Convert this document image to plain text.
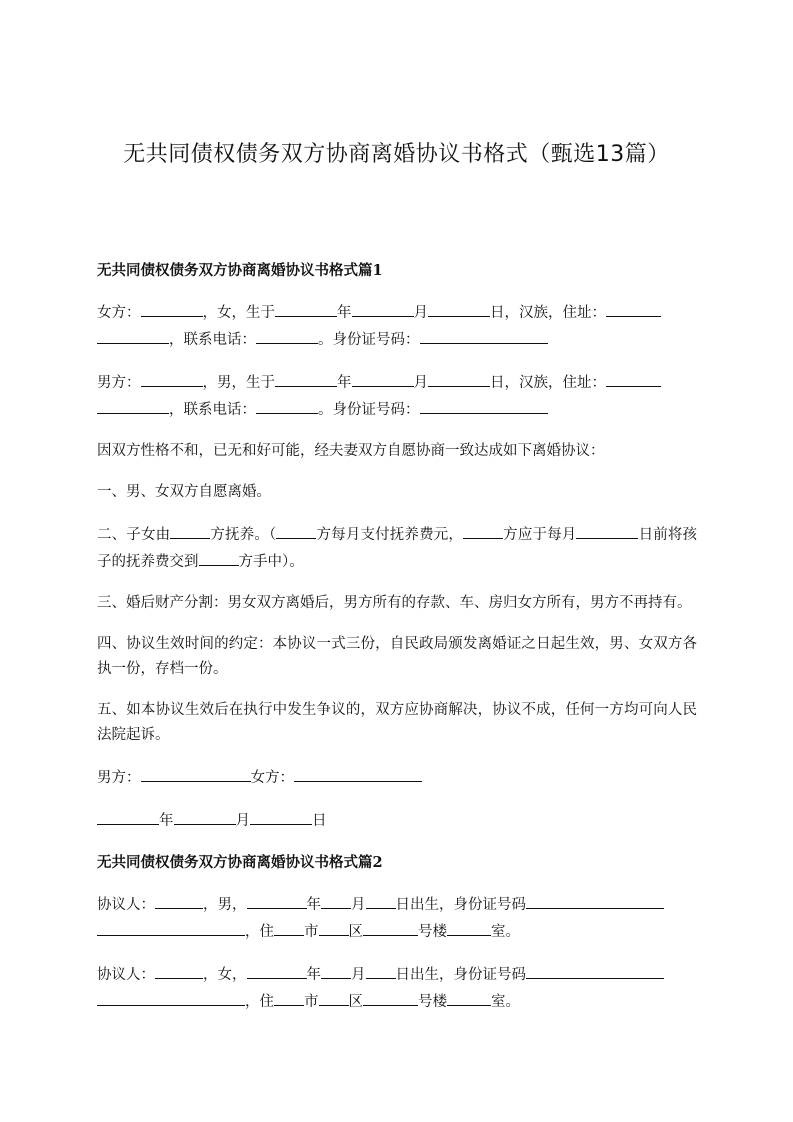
无共同债权债务双方协商离婚协议书格式（甄选13篇）
无共同债权债务双方协商离婚协议书格式篇1
女方：	，女，生于	年	月	日，汉族，住址：
，联系电话：	。身份证号码：
男方：	，男，生于	年	月	日，汉族，住址：
，联系电话：	。身份证号码：
因双方性格不和，已无和好可能，经夫妻双方自愿协商一致达成如下离婚协议：
一、男、女双方自愿离婚。
二、子女由	方抚养。（	方每月支付抚养费元，	方应于每月	日前将孩子的抚养费交到	方手中）。
三、婚后财产分割：男女双方离婚后，男方所有的存款、车、房归女方所有，男方不再持有。
四、协议生效时间的约定：本协议一式三份，自民政局颁发离婚证之日起生效，男、女双方各执一份，存档一份。
五、如本协议生效后在执行中发生争议的，双方应协商解决，协议不成，任何一方均可向人民法院起诉。
男方：	女方：
年	月	日
无共同债权债务双方协商离婚协议书格式篇2
协议人：	，男，	年 月 日出生，身份证号码
，住 市 区	号楼	室。
协议人：	，女，	年 月 日出生，身份证号码
，住 市 区	号楼	室。
